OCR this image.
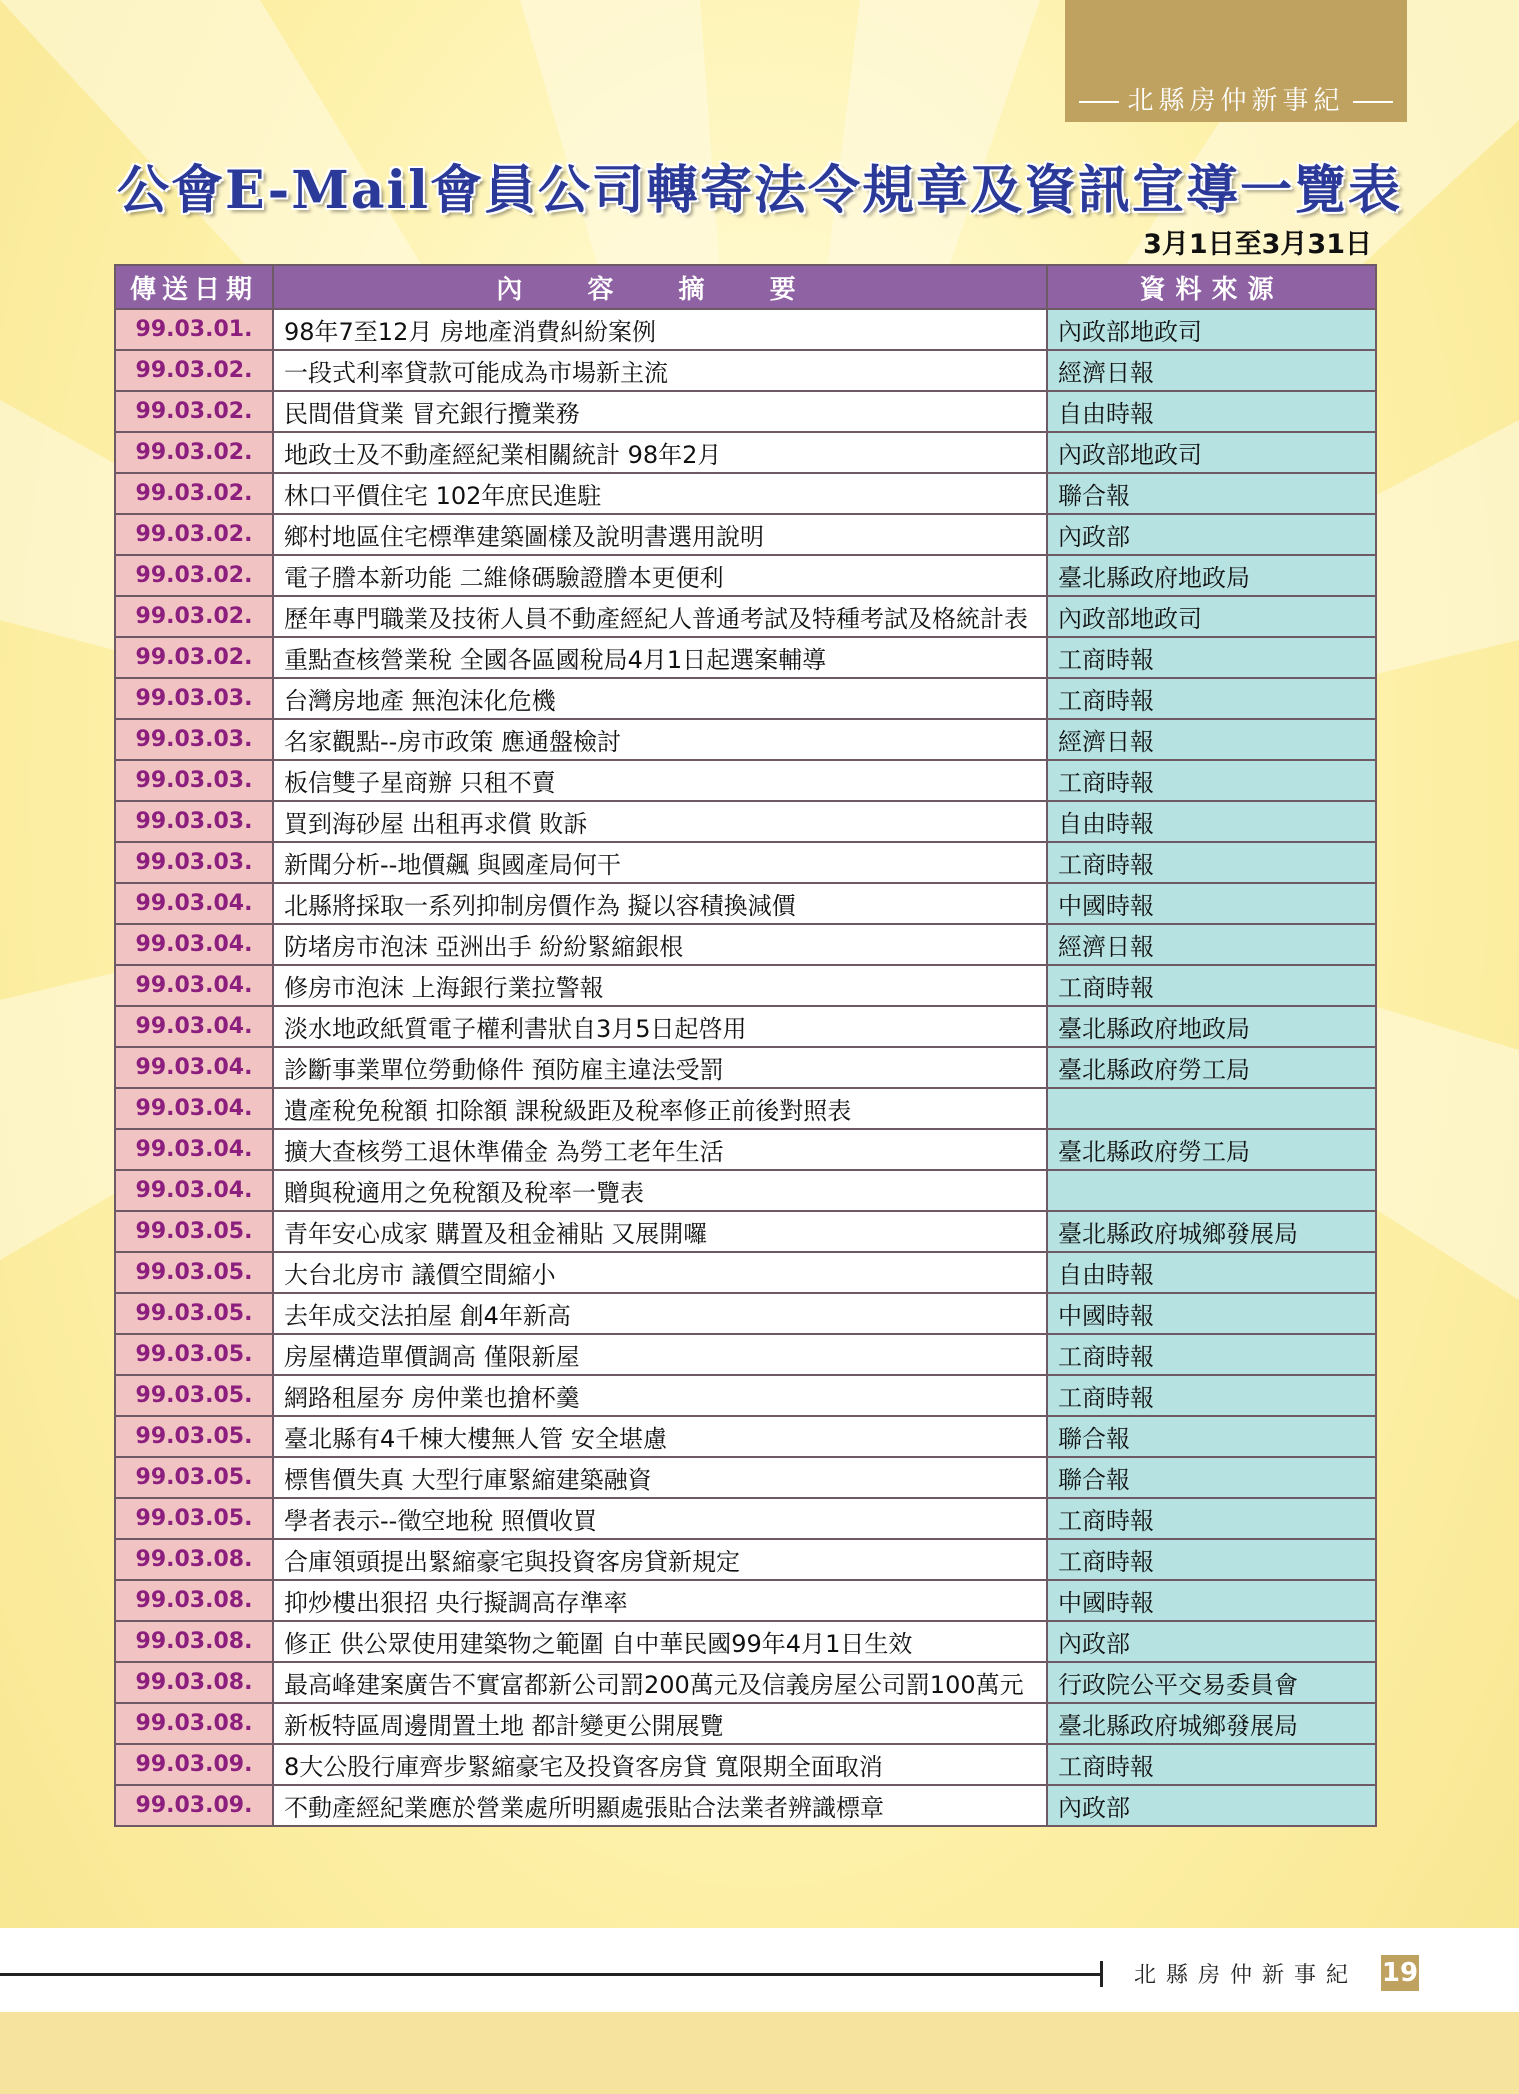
北縣房仲新事紀
公會E-Mail會員公司轉寄法令規章及資訊宣導一覽表
3月1日至3月31日
傳送日期	內 容 摘 要	資料來源
99.03.01.	98年7至12月 房地產消費糾紛案例	內政部地政司
99.03.02.	一段式利率貸款可能成為市場新主流	經濟日報
99.03.02.	民間借貸業 冒充銀行攬業務	自由時報
99.03.02.	地政士及不動產經紀業相關統計 98年2月	內政部地政司
99.03.02.	林口平價住宅 102年庶民進駐	聯合報
99.03.02.	鄉村地區住宅標準建築圖樣及說明書選用說明	內政部
99.03.02.	電子謄本新功能 二維條碼驗證謄本更便利	臺北縣政府地政局
99.03.02.	歷年專門職業及技術人員不動產經紀人普通考試及特種考試及格統計表	內政部地政司
99.03.02.	重點查核營業稅 全國各區國稅局4月1日起選案輔導	工商時報
99.03.03.	台灣房地產 無泡沫化危機	工商時報
99.03.03.	名家觀點--房市政策 應通盤檢討	經濟日報
99.03.03.	板信雙子星商辦 只租不賣	工商時報
99.03.03.	買到海砂屋 出租再求償 敗訴	自由時報
99.03.03.	新聞分析--地價飆 與國產局何干	工商時報
99.03.04.	北縣將採取一系列抑制房價作為 擬以容積換減價	中國時報
99.03.04.	防堵房市泡沫 亞洲出手 紛紛緊縮銀根	經濟日報
99.03.04.	修房市泡沫 上海銀行業拉警報	工商時報
99.03.04.	淡水地政紙質電子權利書狀自3月5日起啓用	臺北縣政府地政局
99.03.04.	診斷事業單位勞動條件 預防雇主違法受罰	臺北縣政府勞工局
99.03.04.	遺產稅免稅額 扣除額 課稅級距及稅率修正前後對照表	
99.03.04.	擴大查核勞工退休準備金 為勞工老年生活	臺北縣政府勞工局
99.03.04.	贈與稅適用之免稅額及稅率一覽表	
99.03.05.	青年安心成家 購置及租金補貼 又展開囉	臺北縣政府城鄉發展局
99.03.05.	大台北房市 議價空間縮小	自由時報
99.03.05.	去年成交法拍屋 創4年新高	中國時報
99.03.05.	房屋構造單價調高 僅限新屋	工商時報
99.03.05.	網路租屋夯 房仲業也搶杯羹	工商時報
99.03.05.	臺北縣有4千棟大樓無人管 安全堪慮	聯合報
99.03.05.	標售價失真 大型行庫緊縮建築融資	聯合報
99.03.05.	學者表示--徵空地稅 照價收買	工商時報
99.03.08.	合庫領頭提出緊縮豪宅與投資客房貸新規定	工商時報
99.03.08.	抑炒樓出狠招 央行擬調高存準率	中國時報
99.03.08.	修正 供公眾使用建築物之範圍 自中華民國99年4月1日生效	內政部
99.03.08.	最高峰建案廣告不實富都新公司罰200萬元及信義房屋公司罰100萬元	行政院公平交易委員會
99.03.08.	新板特區周邊閒置土地 都計變更公開展覽	臺北縣政府城鄉發展局
99.03.09.	8大公股行庫齊步緊縮豪宅及投資客房貸 寬限期全面取消	工商時報
99.03.09.	不動產經紀業應於營業處所明顯處張貼合法業者辨識標章	內政部
北縣房仲新事紀 19
